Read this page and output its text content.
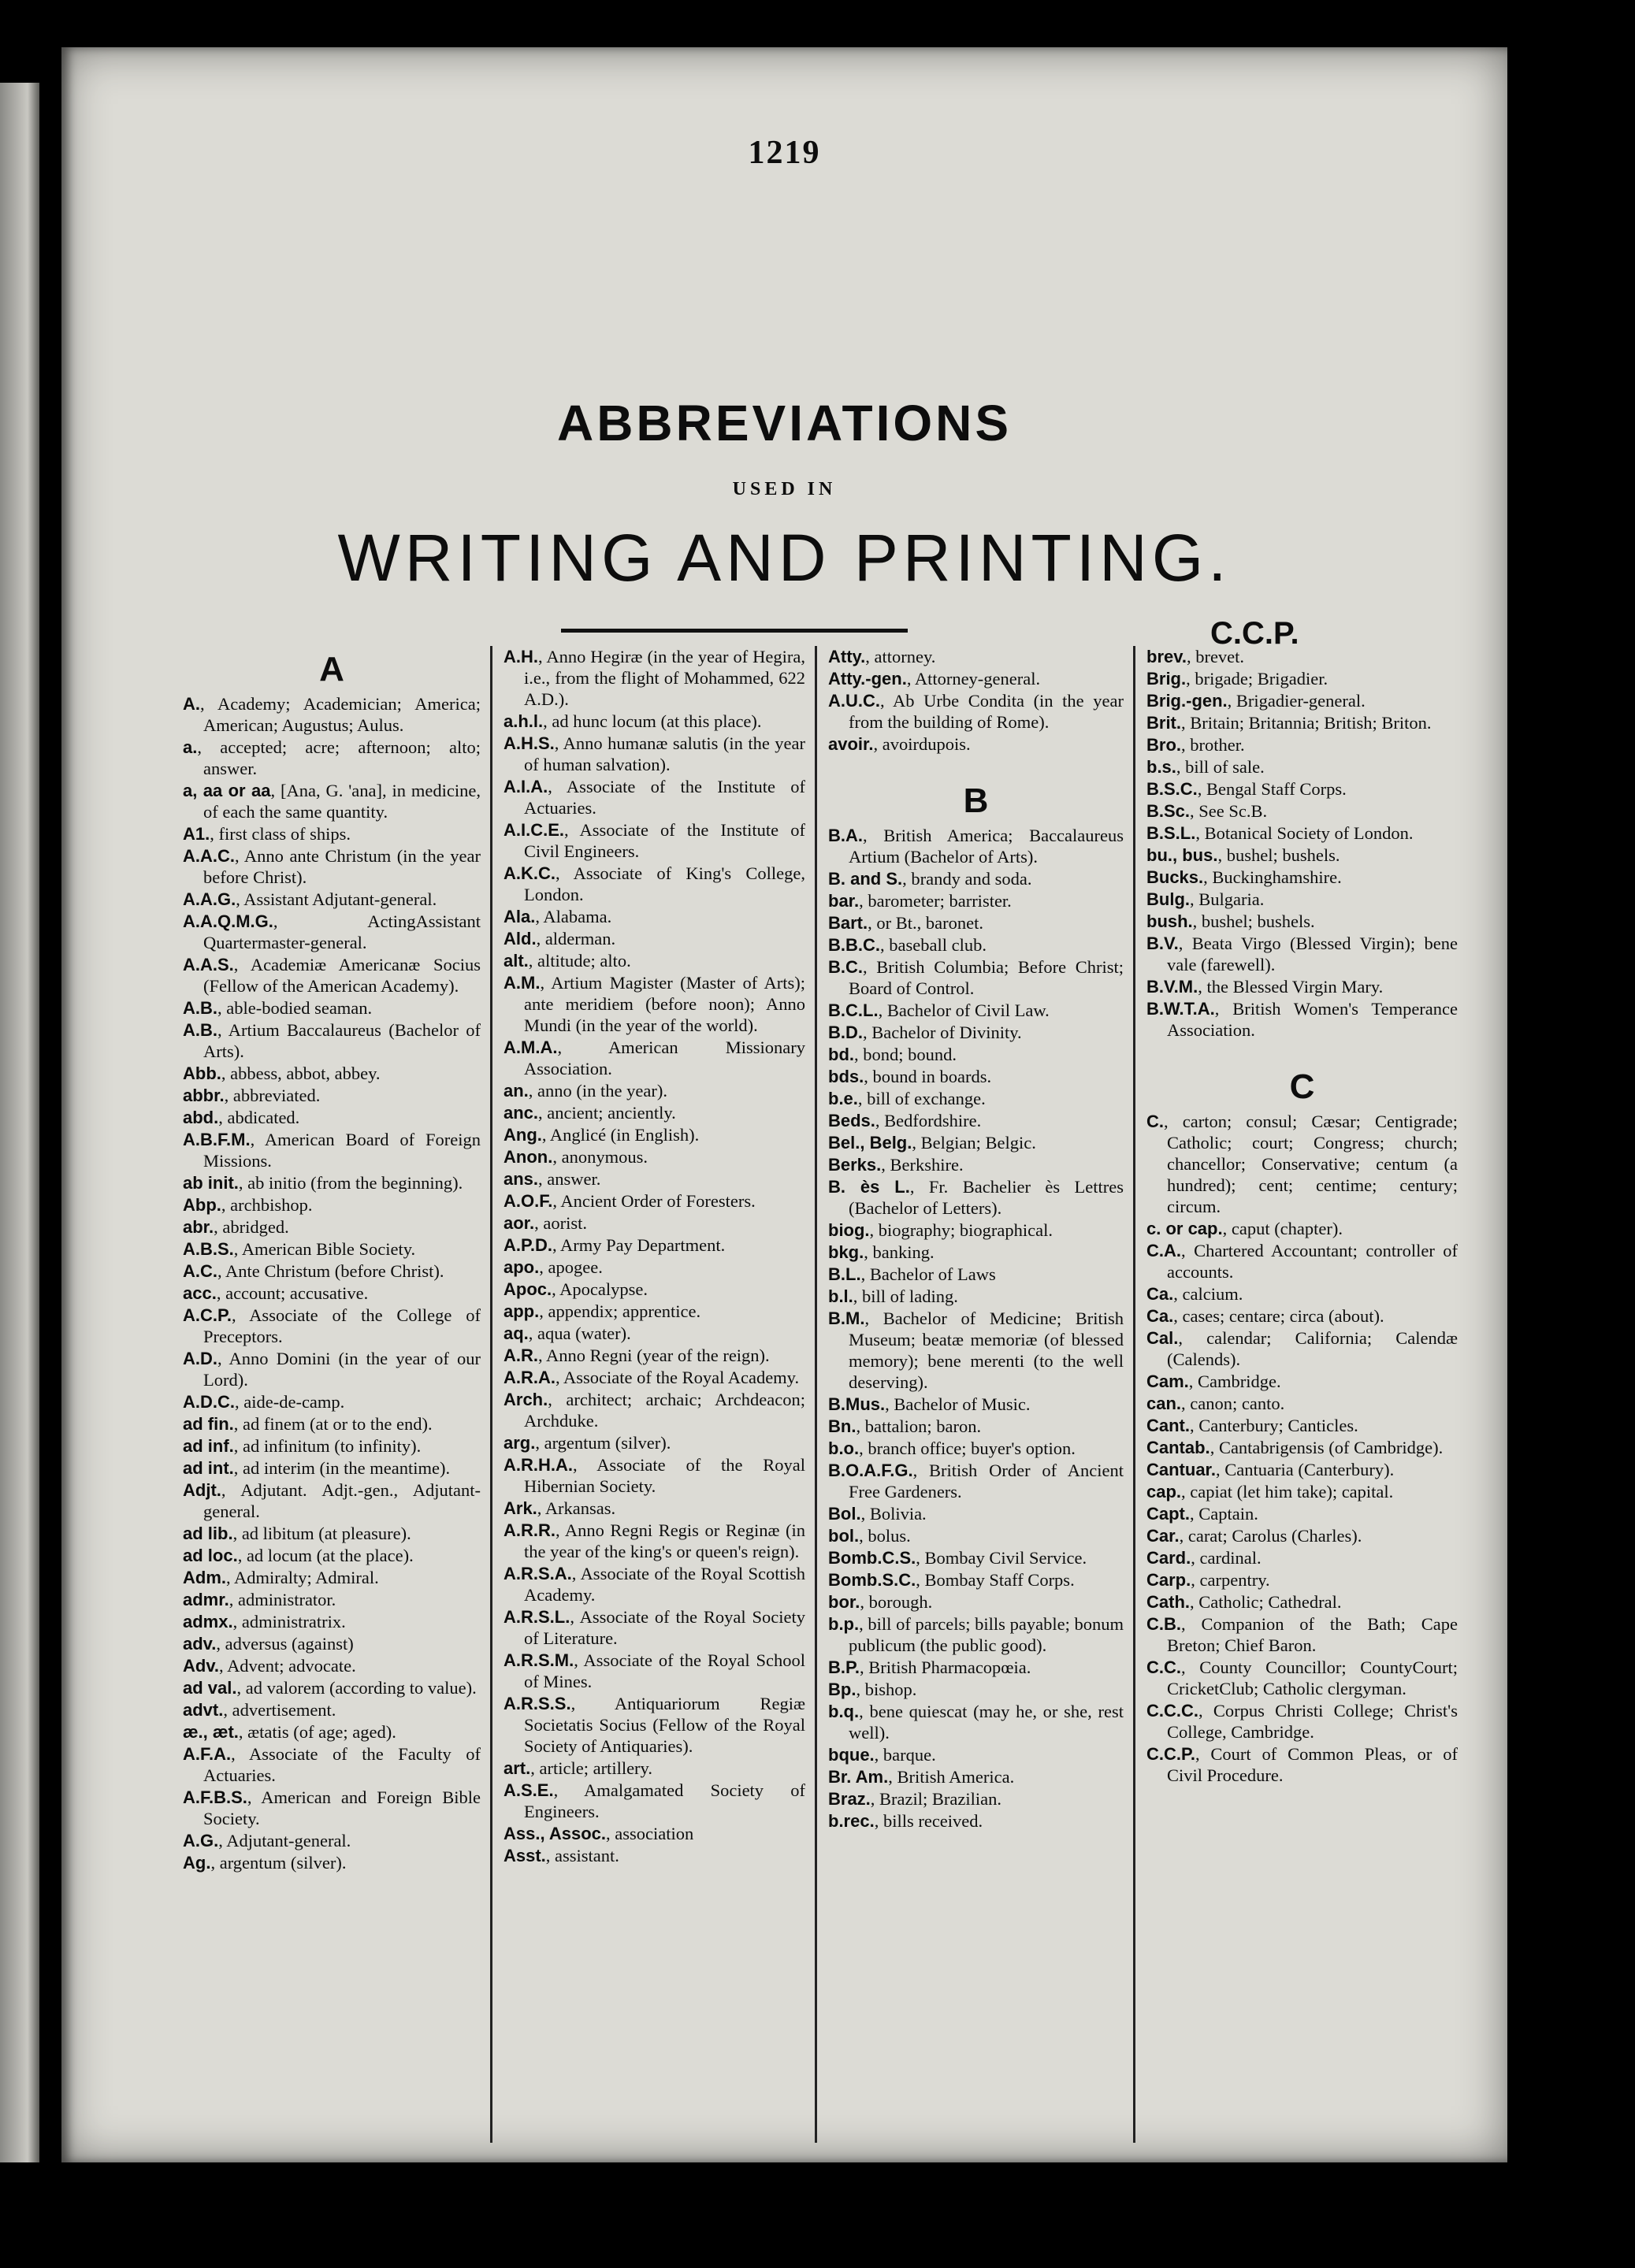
1219
ABBREVIATIONS
USED IN
WRITING AND PRINTING.
C.C.P.
A
A., Academy; Academician; America; American; Augustus; Aulus.
a., accepted; acre; afternoon; alto; answer.
a, aa or aa, [Ana, G. 'ana], in medicine, of each the same quantity.
A1., first class of ships.
A.A.C., Anno ante Christum (in the year before Christ).
A.A.G., Assistant Adjutant-general.
A.A.Q.M.G., ActingAssistant Quartermaster-general.
A.A.S., Academiæ Americanæ Socius (Fellow of the American Academy).
A.B., able-bodied seaman.
A.B., Artium Baccalaureus (Bachelor of Arts).
Abb., abbess, abbot, abbey.
abbr., abbreviated.
abd., abdicated.
A.B.F.M., American Board of Foreign Missions.
ab init., ab initio (from the beginning).
Abp., archbishop.
abr., abridged.
A.B.S., American Bible Society.
A.C., Ante Christum (before Christ).
acc., account; accusative.
A.C.P., Associate of the College of Preceptors.
A.D., Anno Domini (in the year of our Lord).
A.D.C., aide-de-camp.
ad fin., ad finem (at or to the end).
ad inf., ad infinitum (to infinity).
ad int., ad interim (in the meantime).
Adjt., Adjutant. Adjt.-gen., Adjutant-general.
ad lib., ad libitum (at pleasure).
ad loc., ad locum (at the place).
Adm., Admiralty; Admiral.
admr., administrator.
admx., administratrix.
adv., adversus (against)
Adv., Advent; advocate.
ad val., ad valorem (according to value).
advt., advertisement.
æ., æt., ætatis (of age; aged).
A.F.A., Associate of the Faculty of Actuaries.
A.F.B.S., American and Foreign Bible Society.
A.G., Adjutant-general.
Ag., argentum (silver).
A.H., Anno Hegiræ (in the year of Hegira, i.e., from the flight of Mohammed, 622 A.D.).
a.h.l., ad hunc locum (at this place).
A.H.S., Anno humanæ salutis (in the year of human salvation).
A.I.A., Associate of the Institute of Actuaries.
A.I.C.E., Associate of the Institute of Civil Engineers.
A.K.C., Associate of King's College, London.
Ala., Alabama.
Ald., alderman.
alt., altitude; alto.
A.M., Artium Magister (Master of Arts); ante meridiem (before noon); Anno Mundi (in the year of the world).
A.M.A., American Missionary Association.
an., anno (in the year).
anc., ancient; anciently.
Ang., Anglicé (in English).
Anon., anonymous.
ans., answer.
A.O.F., Ancient Order of Foresters.
aor., aorist.
A.P.D., Army Pay Department.
apo., apogee.
Apoc., Apocalypse.
app., appendix; apprentice.
aq., aqua (water).
A.R., Anno Regni (year of the reign).
A.R.A., Associate of the Royal Academy.
Arch., architect; archaic; Archdeacon; Archduke.
arg., argentum (silver).
A.R.H.A., Associate of the Royal Hibernian Society.
Ark., Arkansas.
A.R.R., Anno Regni Regis or Reginæ (in the year of the king's or queen's reign).
A.R.S.A., Associate of the Royal Scottish Academy.
A.R.S.L., Associate of the Royal Society of Literature.
A.R.S.M., Associate of the Royal School of Mines.
A.R.S.S., Antiquariorum Regiæ Societatis Socius (Fellow of the Royal Society of Antiquaries).
art., article; artillery.
A.S.E., Amalgamated Society of Engineers.
Ass., Assoc., association
Asst., assistant.
Atty., attorney.
Atty.-gen., Attorney-general.
A.U.C., Ab Urbe Condita (in the year from the building of Rome).
avoir., avoirdupois.
B
B.A., British America; Baccalaureus Artium (Bachelor of Arts).
B. and S., brandy and soda.
bar., barometer; barrister.
Bart., or Bt., baronet.
B.B.C., baseball club.
B.C., British Columbia; Before Christ; Board of Control.
B.C.L., Bachelor of Civil Law.
B.D., Bachelor of Divinity.
bd., bond; bound.
bds., bound in boards.
b.e., bill of exchange.
Beds., Bedfordshire.
Bel., Belg., Belgian; Belgic.
Berks., Berkshire.
B. ès L., Fr. Bachelier ès Lettres (Bachelor of Letters).
biog., biography; biographical.
bkg., banking.
B.L., Bachelor of Laws
b.l., bill of lading.
B.M., Bachelor of Medicine; British Museum; beatæ memoriæ (of blessed memory); bene merenti (to the well deserving).
B.Mus., Bachelor of Music.
Bn., battalion; baron.
b.o., branch office; buyer's option.
B.O.A.F.G., British Order of Ancient Free Gardeners.
Bol., Bolivia.
bol., bolus.
Bomb.C.S., Bombay Civil Service.
Bomb.S.C., Bombay Staff Corps.
bor., borough.
b.p., bill of parcels; bills payable; bonum publicum (the public good).
B.P., British Pharmacopœia.
Bp., bishop.
b.q., bene quiescat (may he, or she, rest well).
bque., barque.
Br. Am., British America.
Braz., Brazil; Brazilian.
b.rec., bills received.
brev., brevet.
Brig., brigade; Brigadier.
Brig.-gen., Brigadier-general.
Brit., Britain; Britannia; British; Briton.
Bro., brother.
b.s., bill of sale.
B.S.C., Bengal Staff Corps.
B.Sc., See Sc.B.
B.S.L., Botanical Society of London.
bu., bus., bushel; bushels.
Bucks., Buckinghamshire.
Bulg., Bulgaria.
bush., bushel; bushels.
B.V., Beata Virgo (Blessed Virgin); bene vale (farewell).
B.V.M., the Blessed Virgin Mary.
B.W.T.A., British Women's Temperance Association.
C
C., carton; consul; Cæsar; Centigrade; Catholic; court; Congress; church; chancellor; Conservative; centum (a hundred); cent; centime; century; circum.
c. or cap., caput (chapter).
C.A., Chartered Accountant; controller of accounts.
Ca., calcium.
Ca., cases; centare; circa (about).
Cal., calendar; California; Calendæ (Calends).
Cam., Cambridge.
can., canon; canto.
Cant., Canterbury; Canticles.
Cantab., Cantabrigensis (of Cambridge).
Cantuar., Cantuaria (Canterbury).
cap., capiat (let him take); capital.
Capt., Captain.
Car., carat; Carolus (Charles).
Card., cardinal.
Carp., carpentry.
Cath., Catholic; Cathedral.
C.B., Companion of the Bath; Cape Breton; Chief Baron.
C.C., County Councillor; CountyCourt; CricketClub; Catholic clergyman.
C.C.C., Corpus Christi College; Christ's College, Cambridge.
C.C.P., Court of Common Pleas, or of Civil Procedure.
